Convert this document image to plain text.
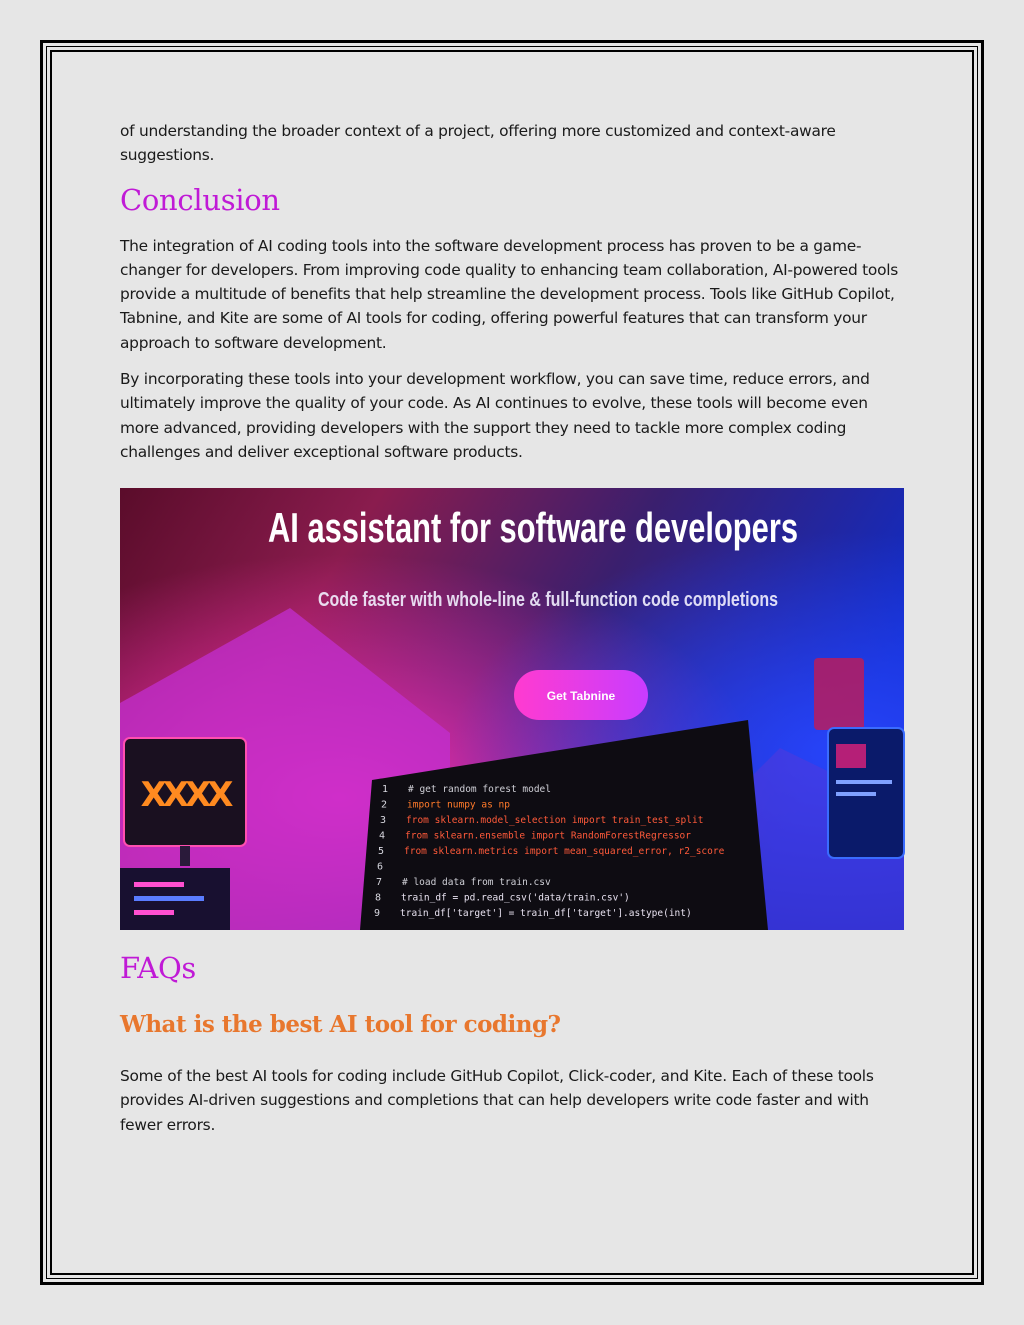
of understanding the broader context of a project, offering more customized and context-aware suggestions.

Conclusion

The integration of AI coding tools into the software development process has proven to be a game-changer for developers. From improving code quality to enhancing team collaboration, AI-powered tools provide a multitude of benefits that help streamline the development process. Tools like GitHub Copilot, Tabnine, and Kite are some of AI tools for coding, offering powerful features that can transform your approach to software development.

By incorporating these tools into your development workflow, you can save time, reduce errors, and ultimately improve the quality of your code. As AI continues to evolve, these tools will become even more advanced, providing developers with the support they need to tackle more complex coding challenges and deliver exceptional software products.

AI assistant for software developers
Code faster with whole-line & full-function code completions
Get Tabnine
XXXX	1 # get random forest model
2 import numpy as np
3 from sklearn.model_selection import train_test_split
4 from sklearn.ensemble import RandomForestRegressor
5 from sklearn.metrics import mean_squared_error, r2_score
6
7 # load data from train.csv
8 train_df = pd.read_csv('data/train.csv')
9 train_df['target'] = train_df['target'].astype(int)
FAQs
What is the best AI tool for coding?

Some of the best AI tools for coding include GitHub Copilot, Click-coder, and Kite. Each of these tools provides AI-driven suggestions and completions that can help developers write code faster and with fewer errors.
